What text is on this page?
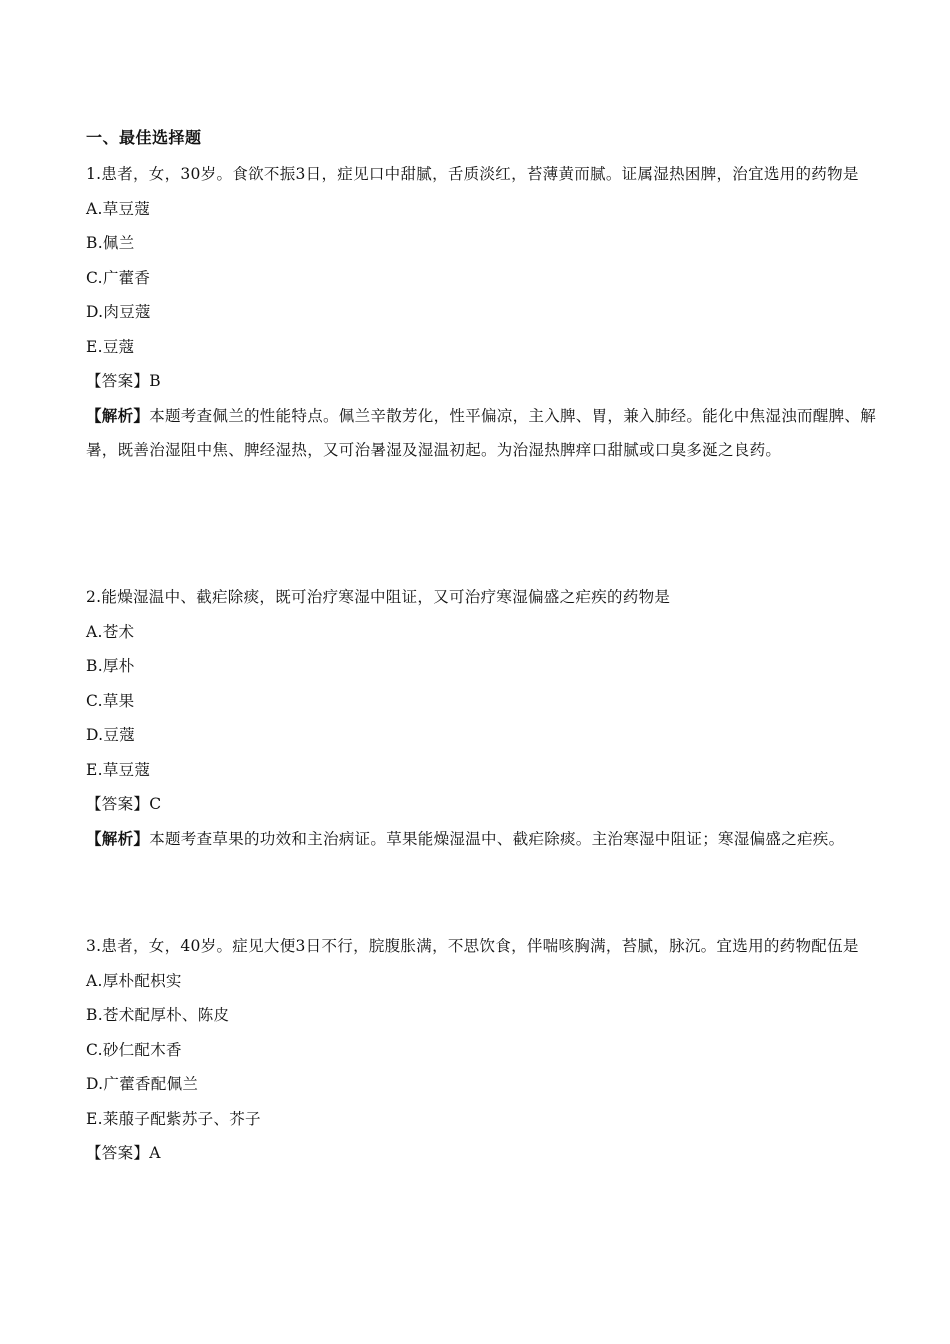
一、最佳选择题
1.患者，女，30岁。食欲不振3日，症见口中甜腻，舌质淡红，苔薄黄而腻。证属湿热困脾，治宜选用的药物是
A.草豆蔻
B.佩兰
C.广藿香
D.肉豆蔻
E.豆蔻
【答案】B
【解析】本题考查佩兰的性能特点。佩兰辛散芳化，性平偏凉，主入脾、胃，兼入肺经。能化中焦湿浊而醒脾、解暑，既善治湿阻中焦、脾经湿热，又可治暑湿及湿温初起。为治湿热脾痒口甜腻或口臭多涎之良药。
2.能燥湿温中、截疟除痰，既可治疗寒湿中阻证，又可治疗寒湿偏盛之疟疾的药物是
A.苍术
B.厚朴
C.草果
D.豆蔻
E.草豆蔻
【答案】C
【解析】本题考查草果的功效和主治病证。草果能燥湿温中、截疟除痰。主治寒湿中阻证；寒湿偏盛之疟疾。
3.患者，女，40岁。症见大便3日不行，脘腹胀满，不思饮食，伴喘咳胸满，苔腻，脉沉。宜选用的药物配伍是
A.厚朴配枳实
B.苍术配厚朴、陈皮
C.砂仁配木香
D.广藿香配佩兰
E.莱菔子配紫苏子、芥子
【答案】A
